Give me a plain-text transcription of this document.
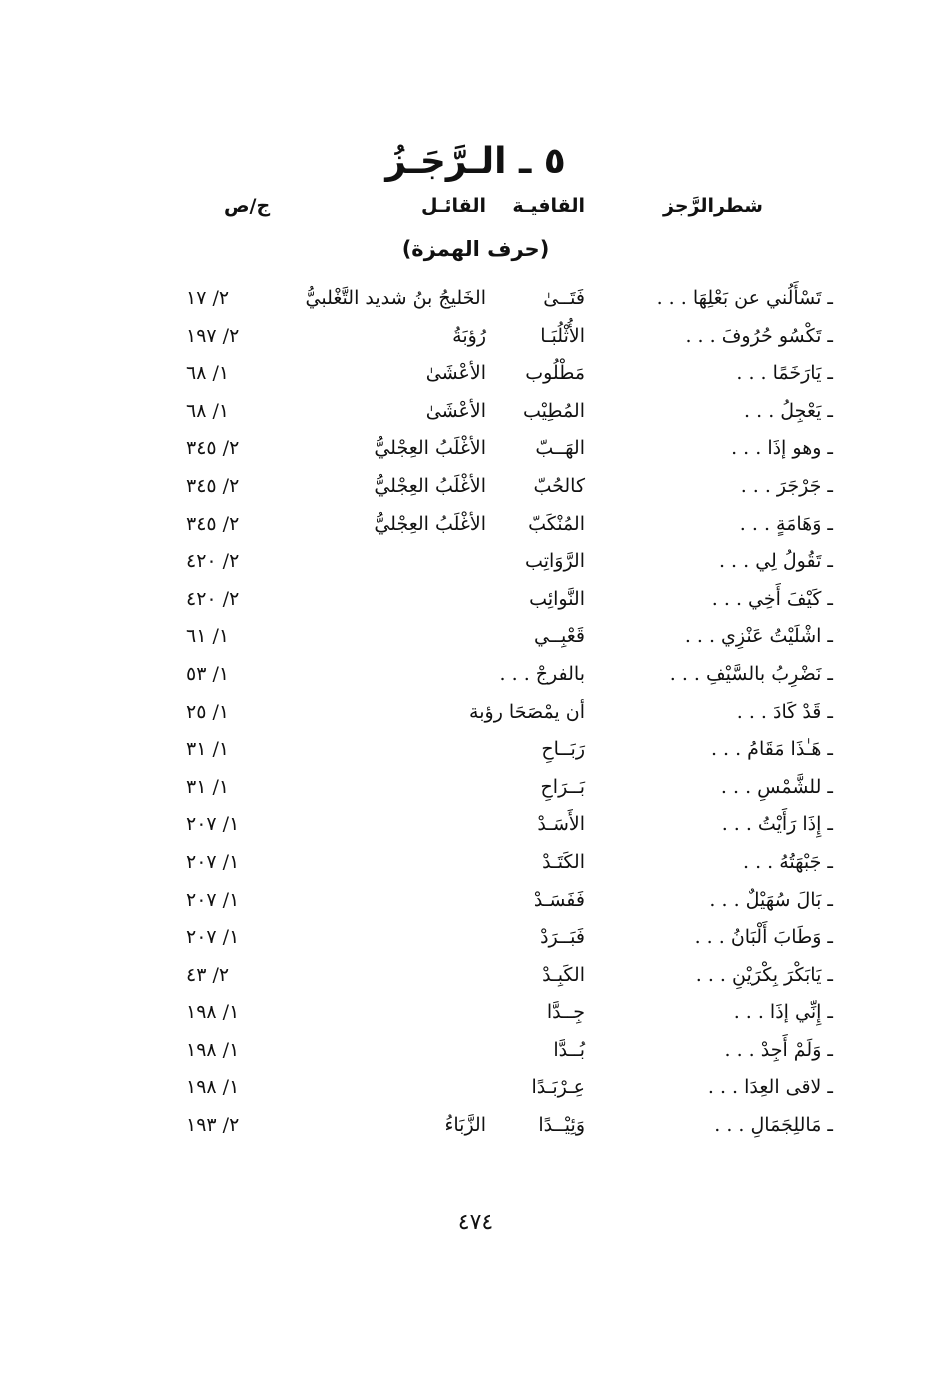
٥ ـ الـرَّجَـزُ
شطرالرَّجز
القافيـة
القائـل
ج/ص
(حرف الهمزة)
ـ تَسْأَلُني عن بَعْلِهَا . . .
فَتَــىٰ
الخَليجُ بنُ شديد التَّغْلبيُّ
٢/ ١٧
ـ تَكْسُو حُرُوفَ . . .
الأُثْلُبَـا
رُؤبَةُ
٢/ ١٩٧
ـ يَارَخَمًا . . .
مَطْلُوب
الأعْشَىٰ
١/ ٦٨
ـ يَعْجِلُ . . .
المُطِيْب
الأعْشَىٰ
١/ ٦٨
ـ وهو إذَا . . .
الهَــبّ
الأغْلَبُ العِجْليُّ
٢/ ٣٤٥
ـ جَرْجَرَ . . .
كالحُبّ
الأغْلَبُ العِجْليُّ
٢/ ٣٤٥
ـ وَهَامَةٍ . . .
المُنْكَبّ
الأغْلَبُ العِجْليُّ
٢/ ٣٤٥
ـ تَقُولُ لِي . . .
الرَّوَاتِب
٢/ ٤٢٠
ـ كَيْفَ أَخِي . . .
النَّوائِب
٢/ ٤٢٠
ـ اشْلَيْتُ عَنْزِي . . .
قَعْبِــي
١/ ٦١
ـ نَضْرِبُ بالسَّيْفِ . . .
بالفرجْ . . .
١/ ٥٣
ـ قَدْ كَادَ . . .
أن يمْصَحَا رؤبة
١/ ٢٥
ـ هَـٰذَا مَقَامُ . . .
رَبَــاحِ
١/ ٣١
ـ للشَّمْسِ . . .
بَــرَاحِ
١/ ٣١
ـ إِذَا رَأَيْتُ . . .
الأَسَـدْ
١/ ٢٠٧
ـ جَبْهَتُهُ . . .
الكَتَـدْ
١/ ٢٠٧
ـ بَالَ سُهَيْلٌ . . .
فَفَسَـدْ
١/ ٢٠٧
ـ وَطَابَ أَلْبَانُ . . .
فَبَــرَدْ
١/ ٢٠٧
ـ يَابَكْرَ بِكْرَيْنِ . . .
الكَبِـدْ
٢/ ٤٣
ـ إِنِّي إذَا . . .
جِــدَّا
١/ ١٩٨
ـ وَلَمْ أَجِدْ . . .
بُــدَّا
١/ ١٩٨
ـ لاقى العِدَا . . .
عِـرْبَـدًا
١/ ١٩٨
ـ مَاللِجَمَالِ . . .
وَئِيْــدًا
الزَّبَاءُ
٢/ ١٩٣
٤٧٤
